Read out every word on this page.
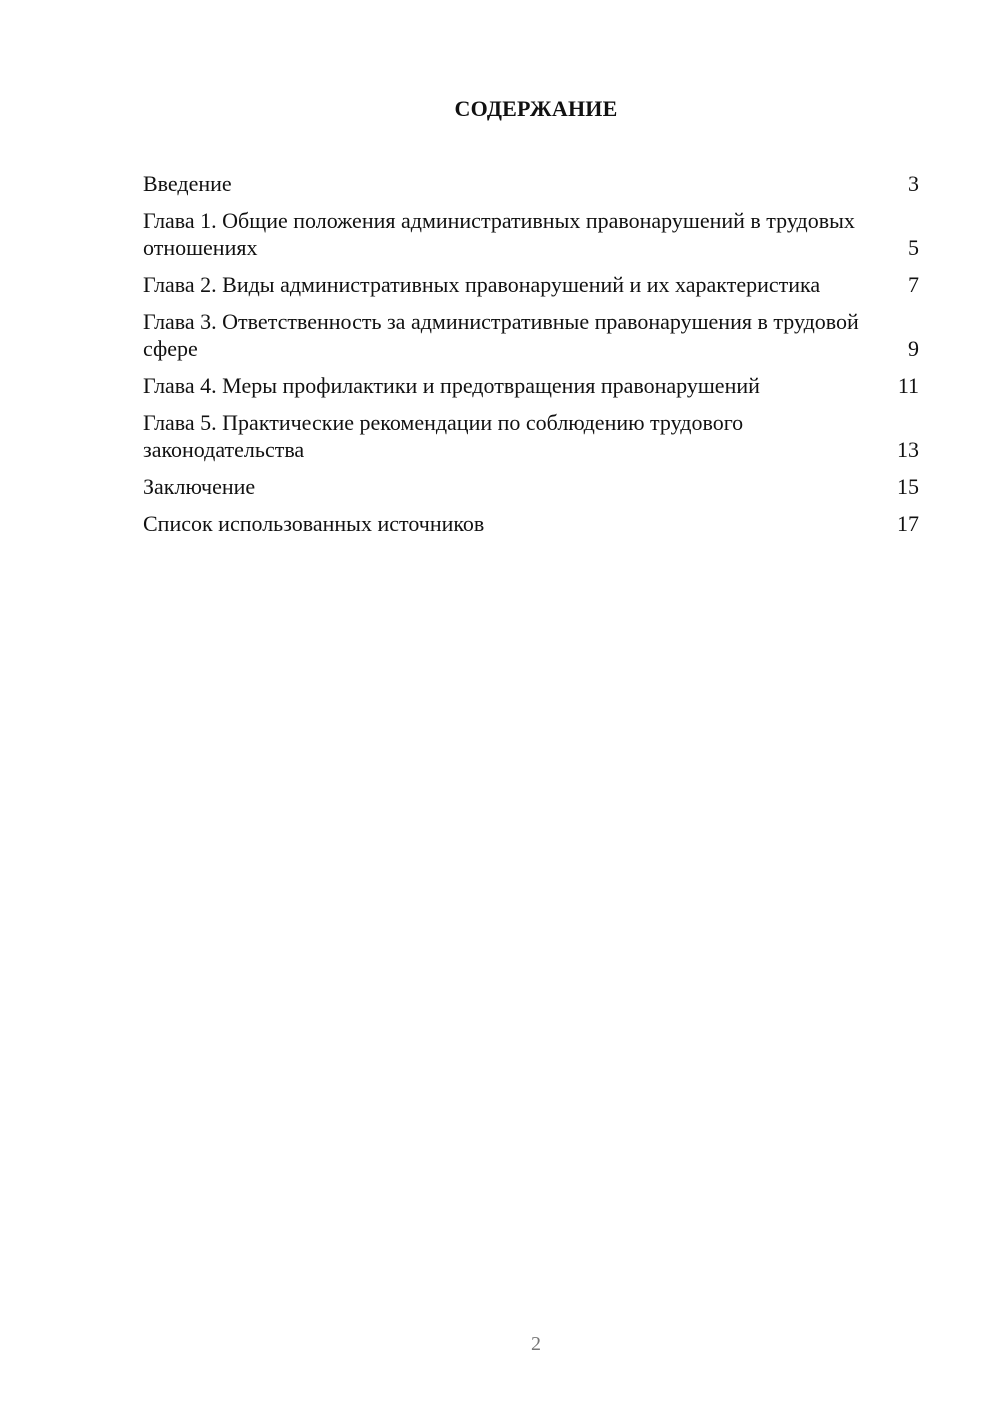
СОДЕРЖАНИЕ
Введение	3
Глава 1. Общие положения административных правонарушений в трудовых отношениях	5
Глава 2. Виды административных правонарушений и их характеристика	7
Глава 3. Ответственность за административные правонарушения в трудовой сфере	9
Глава 4. Меры профилактики и предотвращения правонарушений	11
Глава 5. Практические рекомендации по соблюдению трудового законодательства	13
Заключение	15
Список использованных источников	17
2
